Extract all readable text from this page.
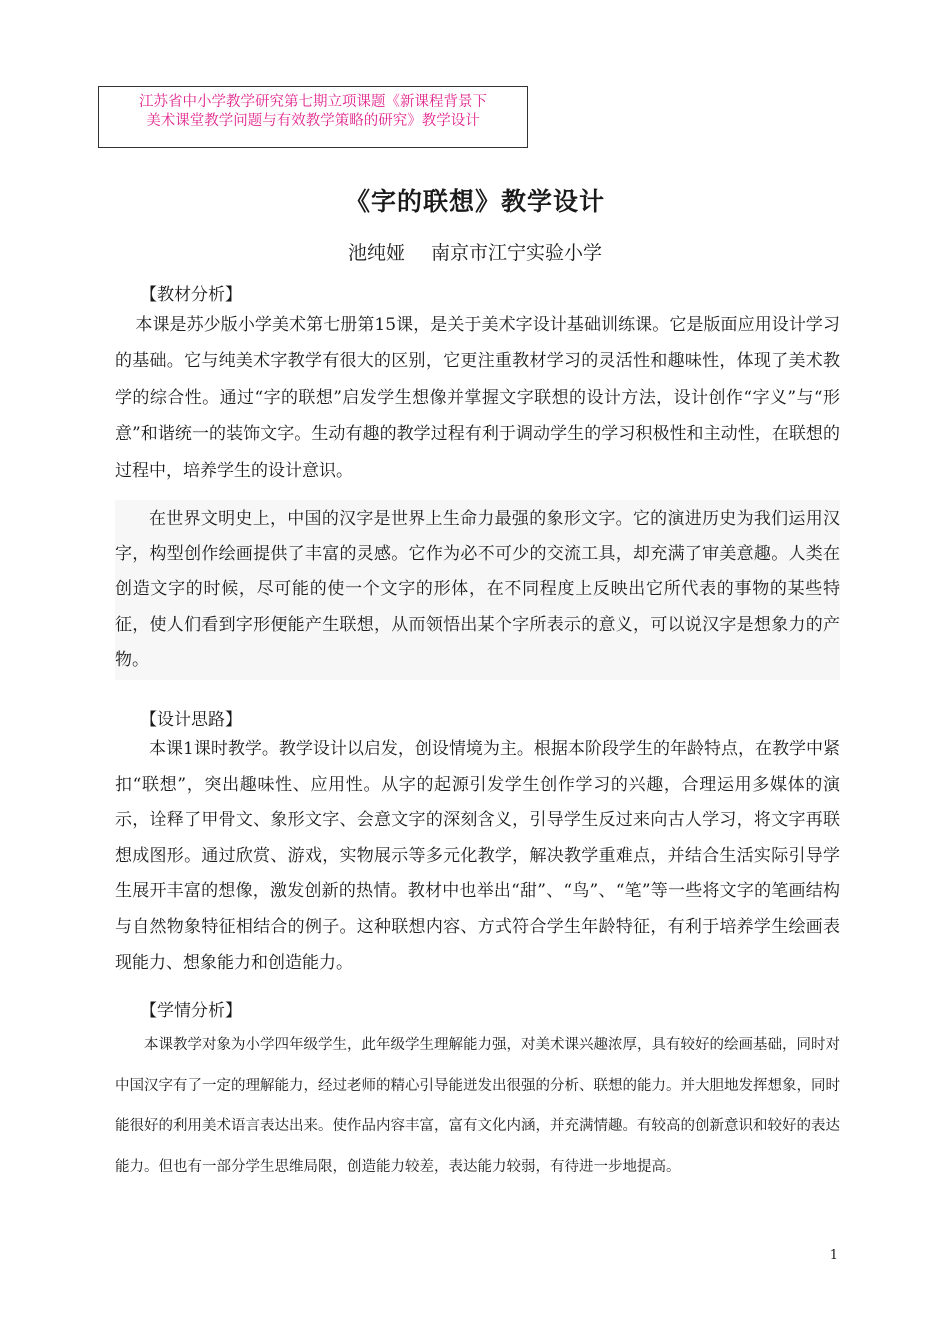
江苏省中小学教学研究第七期立项课题《新课程背景下
美术课堂教学问题与有效教学策略的研究》教学设计
《字的联想》教学设计
池纯娅 南京市江宁实验小学
【教材分析】

本课是苏少版小学美术第七册第15课，是关于美术字设计基础训练课。它是版面应用设计学习的基础。它与纯美术字教学有很大的区别，它更注重教材学习的灵活性和趣味性，体现了美术教学的综合性。通过“字的联想”启发学生想像并掌握文字联想的设计方法，设计创作“字义”与“形意”和谐统一的装饰文字。生动有趣的教学过程有利于调动学生的学习积极性和主动性，在联想的过程中，培养学生的设计意识。

在世界文明史上，中国的汉字是世界上生命力最强的象形文字。它的演进历史为我们运用汉字，构型创作绘画提供了丰富的灵感。它作为必不可少的交流工具，却充满了审美意趣。人类在创造文字的时候，尽可能的使一个文字的形体，在不同程度上反映出它所代表的事物的某些特征，使人们看到字形便能产生联想，从而领悟出某个字所表示的意义，可以说汉字是想象力的产物。

【设计思路】

本课1课时教学。教学设计以启发，创设情境为主。根据本阶段学生的年龄特点，在教学中紧扣“联想”，突出趣味性、应用性。从字的起源引发学生创作学习的兴趣，合理运用多媒体的演示，诠释了甲骨文、象形文字、会意文字的深刻含义，引导学生反过来向古人学习，将文字再联想成图形。通过欣赏、游戏，实物展示等多元化教学，解决教学重难点，并结合生活实际引导学生展开丰富的想像，激发创新的热情。教材中也举出“甜”、“鸟”、“笔”等一些将文字的笔画结构与自然物象特征相结合的例子。这种联想内容、方式符合学生年龄特征，有利于培养学生绘画表现能力、想象能力和创造能力。

【学情分析】

本课教学对象为小学四年级学生，此年级学生理解能力强，对美术课兴趣浓厚，具有较好的绘画基础，同时对中国汉字有了一定的理解能力，经过老师的精心引导能迸发出很强的分析、联想的能力。并大胆地发挥想象，同时能很好的利用美术语言表达出来。使作品内容丰富，富有文化内涵，并充满情趣。有较高的创新意识和较好的表达能力。但也有一部分学生思维局限，创造能力较差，表达能力较弱，有待进一步地提高。

1
